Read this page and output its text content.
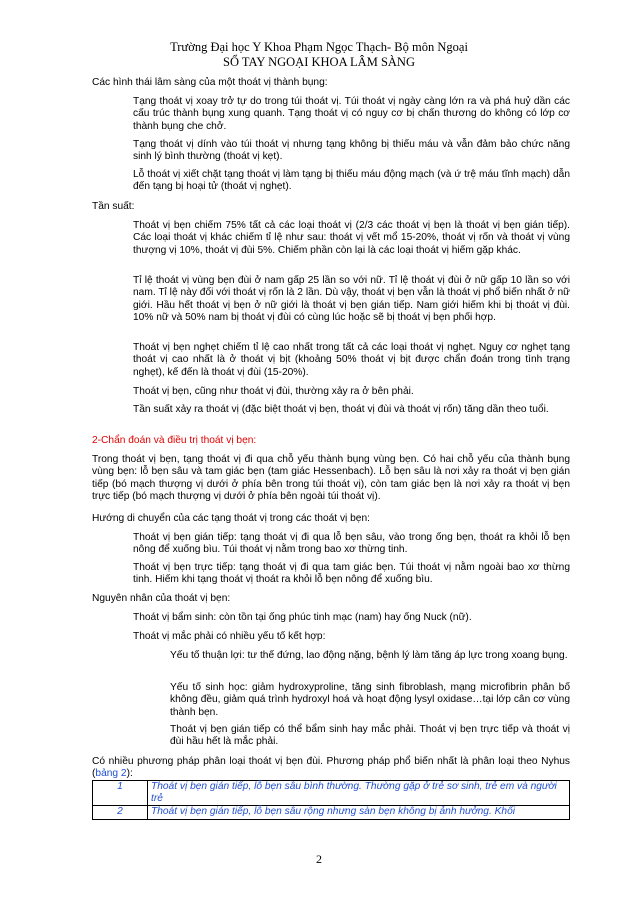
Trường Đại học Y Khoa Phạm Ngọc Thạch- Bộ môn Ngoại
SỔ TAY NGOẠI KHOA LÂM SÀNG

Các hình thái lâm sàng của một thoát vị thành bụng:

Tạng thoát vị xoay trở tự do trong túi thoát vị. Túi thoát vị ngày càng lớn ra và phá huỷ dần các cấu trúc thành bụng xung quanh. Tạng thoát vị có nguy cơ bị chấn thương do không có lớp cơ thành bụng che chở.

Tạng thoát vị dính vào túi thoát vị nhưng tạng không bị thiếu máu và vẫn đảm bảo chức năng sinh lý bình thường (thoát vị kẹt).

Lỗ thoát vị xiết chặt tạng thoát vị làm tạng bị thiếu máu động mạch (và ứ trệ máu tĩnh mạch) dẫn đến tạng bị hoại tử (thoát vị nghẹt).

Tần suất:

Thoát vị bẹn chiếm 75% tất cả các loại thoát vị (2/3 các thoát vị bẹn là thoát vị bẹn gián tiếp). Các loại thoát vị khác chiếm tỉ lệ như sau: thoát vị vết mổ 15-20%, thoát vị rốn và thoát vị vùng thượng vị 10%, thoát vị đùi 5%. Chiếm phần còn lại là các loại thoát vị hiếm gặp khác.

Tỉ lệ thoát vị vùng bẹn đùi ở nam gấp 25 lần so với nữ. Tỉ lệ thoát vị đùi ở nữ gấp 10 lần so với nam. Tỉ lệ này đối với thoát vị rốn là 2 lần. Dù vậy, thoát vị bẹn vẫn là thoát vị phổ biến nhất ở nữ giới. Hầu hết thoát vị bẹn ở nữ giới là thoát vị bẹn gián tiếp. Nam giới hiếm khi bị thoát vị đùi. 10% nữ và 50% nam bị thoát vị đùi có cùng lúc hoặc sẽ bị thoát vị bẹn phối hợp.

Thoát vị bẹn nghẹt chiếm tỉ lệ cao nhất trong tất cả các loại thoát vị nghẹt. Nguy cơ nghẹt tạng thoát vị cao nhất là ở thoát vị bịt (khoảng 50% thoát vị bịt được chẩn đoán trong tình trạng nghẹt), kế đến là thoát vị đùi (15-20%).

Thoát vị bẹn, cũng như thoát vị đùi, thường xảy ra ở bên phải.

Tần suất xảy ra thoát vị (đặc biệt thoát vị bẹn, thoát vị đùi và thoát vị rốn) tăng dần theo tuổi.

2-Chẩn đoán và điều trị thoát vị bẹn:

Trong thoát vị bẹn, tạng thoát vị đi qua chỗ yếu thành bụng vùng bẹn. Có hai chỗ yếu của thành bụng vùng bẹn: lỗ bẹn sâu và tam giác bẹn (tam giác Hessenbach). Lỗ bẹn sâu là nơi xảy ra thoát vị bẹn gián tiếp (bó mạch thượng vị dưới ở phía bên trong túi thoát vị), còn tam giác bẹn là nơi xảy ra thoát vị bẹn trực tiếp (bó mạch thượng vị dưới ở phía bên ngoài túi thoát vị).

Hướng di chuyển của các tạng thoát vị trong các thoát vị bẹn:

Thoát vị bẹn gián tiếp: tạng thoát vị đi qua lỗ bẹn sâu, vào trong ống bẹn, thoát ra khỏi lỗ bẹn nông để xuống bìu. Túi thoát vị nằm trong bao xơ thừng tinh.

Thoát vị bẹn trực tiếp: tạng thoát vị đi qua tam giác bẹn. Túi thoát vị nằm ngoài bao xơ thừng tinh. Hiếm khi tạng thoát vị thoát ra khỏi lỗ bẹn nông để xuống bìu.

Nguyên nhân của thoát vị bẹn:

Thoát vị bẩm sinh: còn tồn tại ống phúc tinh mạc (nam) hay ống Nuck (nữ).

Thoát vị mắc phải có nhiều yếu tố kết hợp:

Yếu tố thuận lợi: tư thế đứng, lao động nặng, bệnh lý làm tăng áp lực trong xoang bụng.

Yếu tố sinh học: giảm hydroxyproline, tăng sinh fibroblash, mạng microfibrin phân bố không đều, giảm quá trình hydroxyl hoá và hoạt động lysyl oxidase…tại lớp cân cơ vùng thành bẹn.

Thoát vị bẹn gián tiếp có thể bẩm sinh hay mắc phải. Thoát vị bẹn trực tiếp và thoát vị đùi hầu hết là mắc phải.

Có nhiều phương pháp phân loại thoát vị bẹn đùi. Phương pháp phổ biến nhất là phân loại theo Nyhus (bảng 2):

1	Thoát vị bẹn gián tiếp, lỗ bẹn sâu bình thường. Thường gặp ở trẻ sơ sinh, trẻ em và người trẻ
2	Thoát vị bẹn gián tiếp, lỗ bẹn sâu rộng nhưng sàn bẹn không bị ảnh hưởng. Khối
2
